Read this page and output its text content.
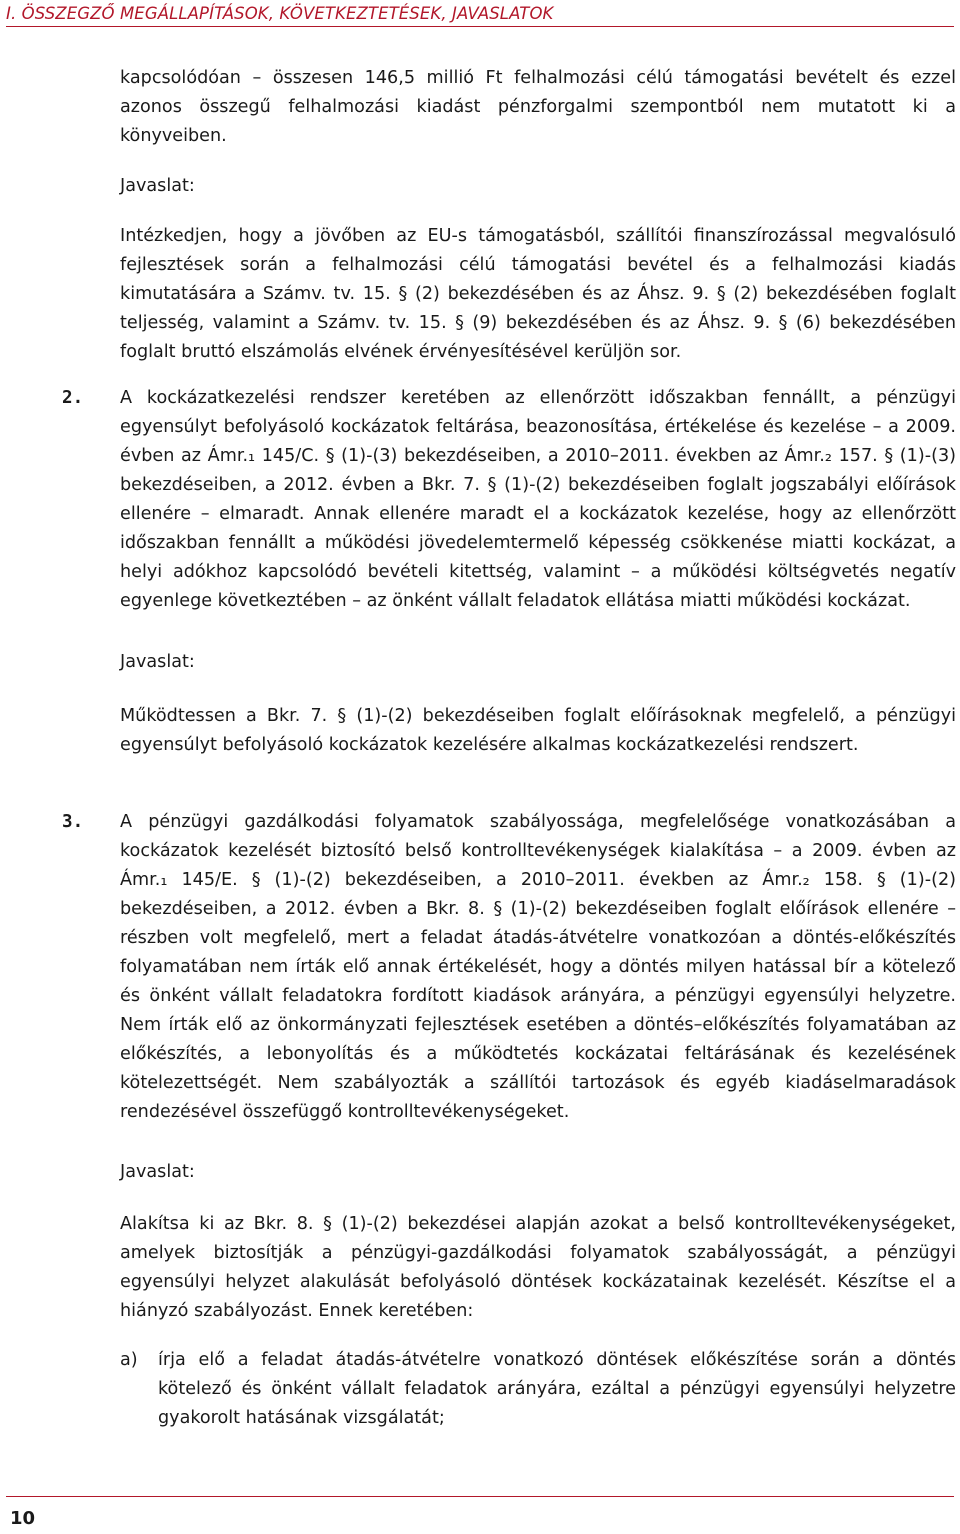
I. ÖSSZEGZŐ MEGÁLLAPÍTÁSOK, KÖVETKEZTETÉSEK, JAVASLATOK

kapcsolódóan – összesen 146,5 millió Ft felhalmozási célú támogatási bevételt és ezzel azonos összegű felhalmozási kiadást pénzforgalmi szempontból nem mutatott ki a könyveiben.

Javaslat:

Intézkedjen, hogy a jövőben az EU-s támogatásból, szállítói finanszírozással megvalósuló fejlesztések során a felhalmozási célú támogatási bevétel és a felhalmozási kiadás kimutatására a Számv. tv. 15. § (2) bekezdésében és az Áhsz. 9. § (2) bekezdésében foglalt teljesség, valamint a Számv. tv. 15. § (9) bekezdésében és az Áhsz. 9. § (6) bekezdésében foglalt bruttó elszámolás elvének érvényesítésével kerüljön sor.

2. A kockázatkezelési rendszer keretében az ellenőrzött időszakban fennállt, a pénzügyi egyensúlyt befolyásoló kockázatok feltárása, beazonosítása, értékelése és kezelése – a 2009. évben az Ámr.₁ 145/C. § (1)-(3) bekezdéseiben, a 2010–2011. években az Ámr.₂ 157. § (1)-(3) bekezdéseiben, a 2012. évben a Bkr. 7. § (1)-(2) bekezdéseiben foglalt jogszabályi előírások ellenére – elmaradt. Annak ellenére maradt el a kockázatok kezelése, hogy az ellenőrzött időszakban fennállt a működési jövedelemtermelő képesség csökkenése miatti kockázat, a helyi adókhoz kapcsolódó bevételi kitettség, valamint – a működési költségvetés negatív egyenlege következtében – az önként vállalt feladatok ellátása miatti működési kockázat.

Javaslat:

Működtessen a Bkr. 7. § (1)-(2) bekezdéseiben foglalt előírásoknak megfelelő, a pénzügyi egyensúlyt befolyásoló kockázatok kezelésére alkalmas kockázatkezelési rendszert.

3. A pénzügyi gazdálkodási folyamatok szabályossága, megfelelősége vonatkozásában a kockázatok kezelését biztosító belső kontrolltevékenységek kialakítása – a 2009. évben az Ámr.₁ 145/E. § (1)-(2) bekezdéseiben, a 2010–2011. években az Ámr.₂ 158. § (1)-(2) bekezdéseiben, a 2012. évben a Bkr. 8. § (1)-(2) bekezdéseiben foglalt előírások ellenére – részben volt megfelelő, mert a feladat átadás-átvételre vonatkozóan a döntés-előkészítés folyamatában nem írták elő annak értékelését, hogy a döntés milyen hatással bír a kötelező és önként vállalt feladatokra fordított kiadások arányára, a pénzügyi egyensúlyi helyzetre. Nem írták elő az önkormányzati fejlesztések esetében a döntés–előkészítés folyamatában az előkészítés, a lebonyolítás és a működtetés kockázatai feltárásának és kezelésének kötelezettségét. Nem szabályozták a szállítói tartozások és egyéb kiadáselmaradások rendezésével összefüggő kontrolltevékenységeket.

Javaslat:

Alakítsa ki az Bkr. 8. § (1)-(2) bekezdései alapján azokat a belső kontrolltevékenységeket, amelyek biztosítják a pénzügyi-gazdálkodási folyamatok szabályosságát, a pénzügyi egyensúlyi helyzet alakulását befolyásoló döntések kockázatainak kezelését. Készítse el a hiányzó szabályozást. Ennek keretében:

a) írja elő a feladat átadás-átvételre vonatkozó döntések előkészítése során a döntés kötelező és önként vállalt feladatok arányára, ezáltal a pénzügyi egyensúlyi helyzetre gyakorolt hatásának vizsgálatát;

10
